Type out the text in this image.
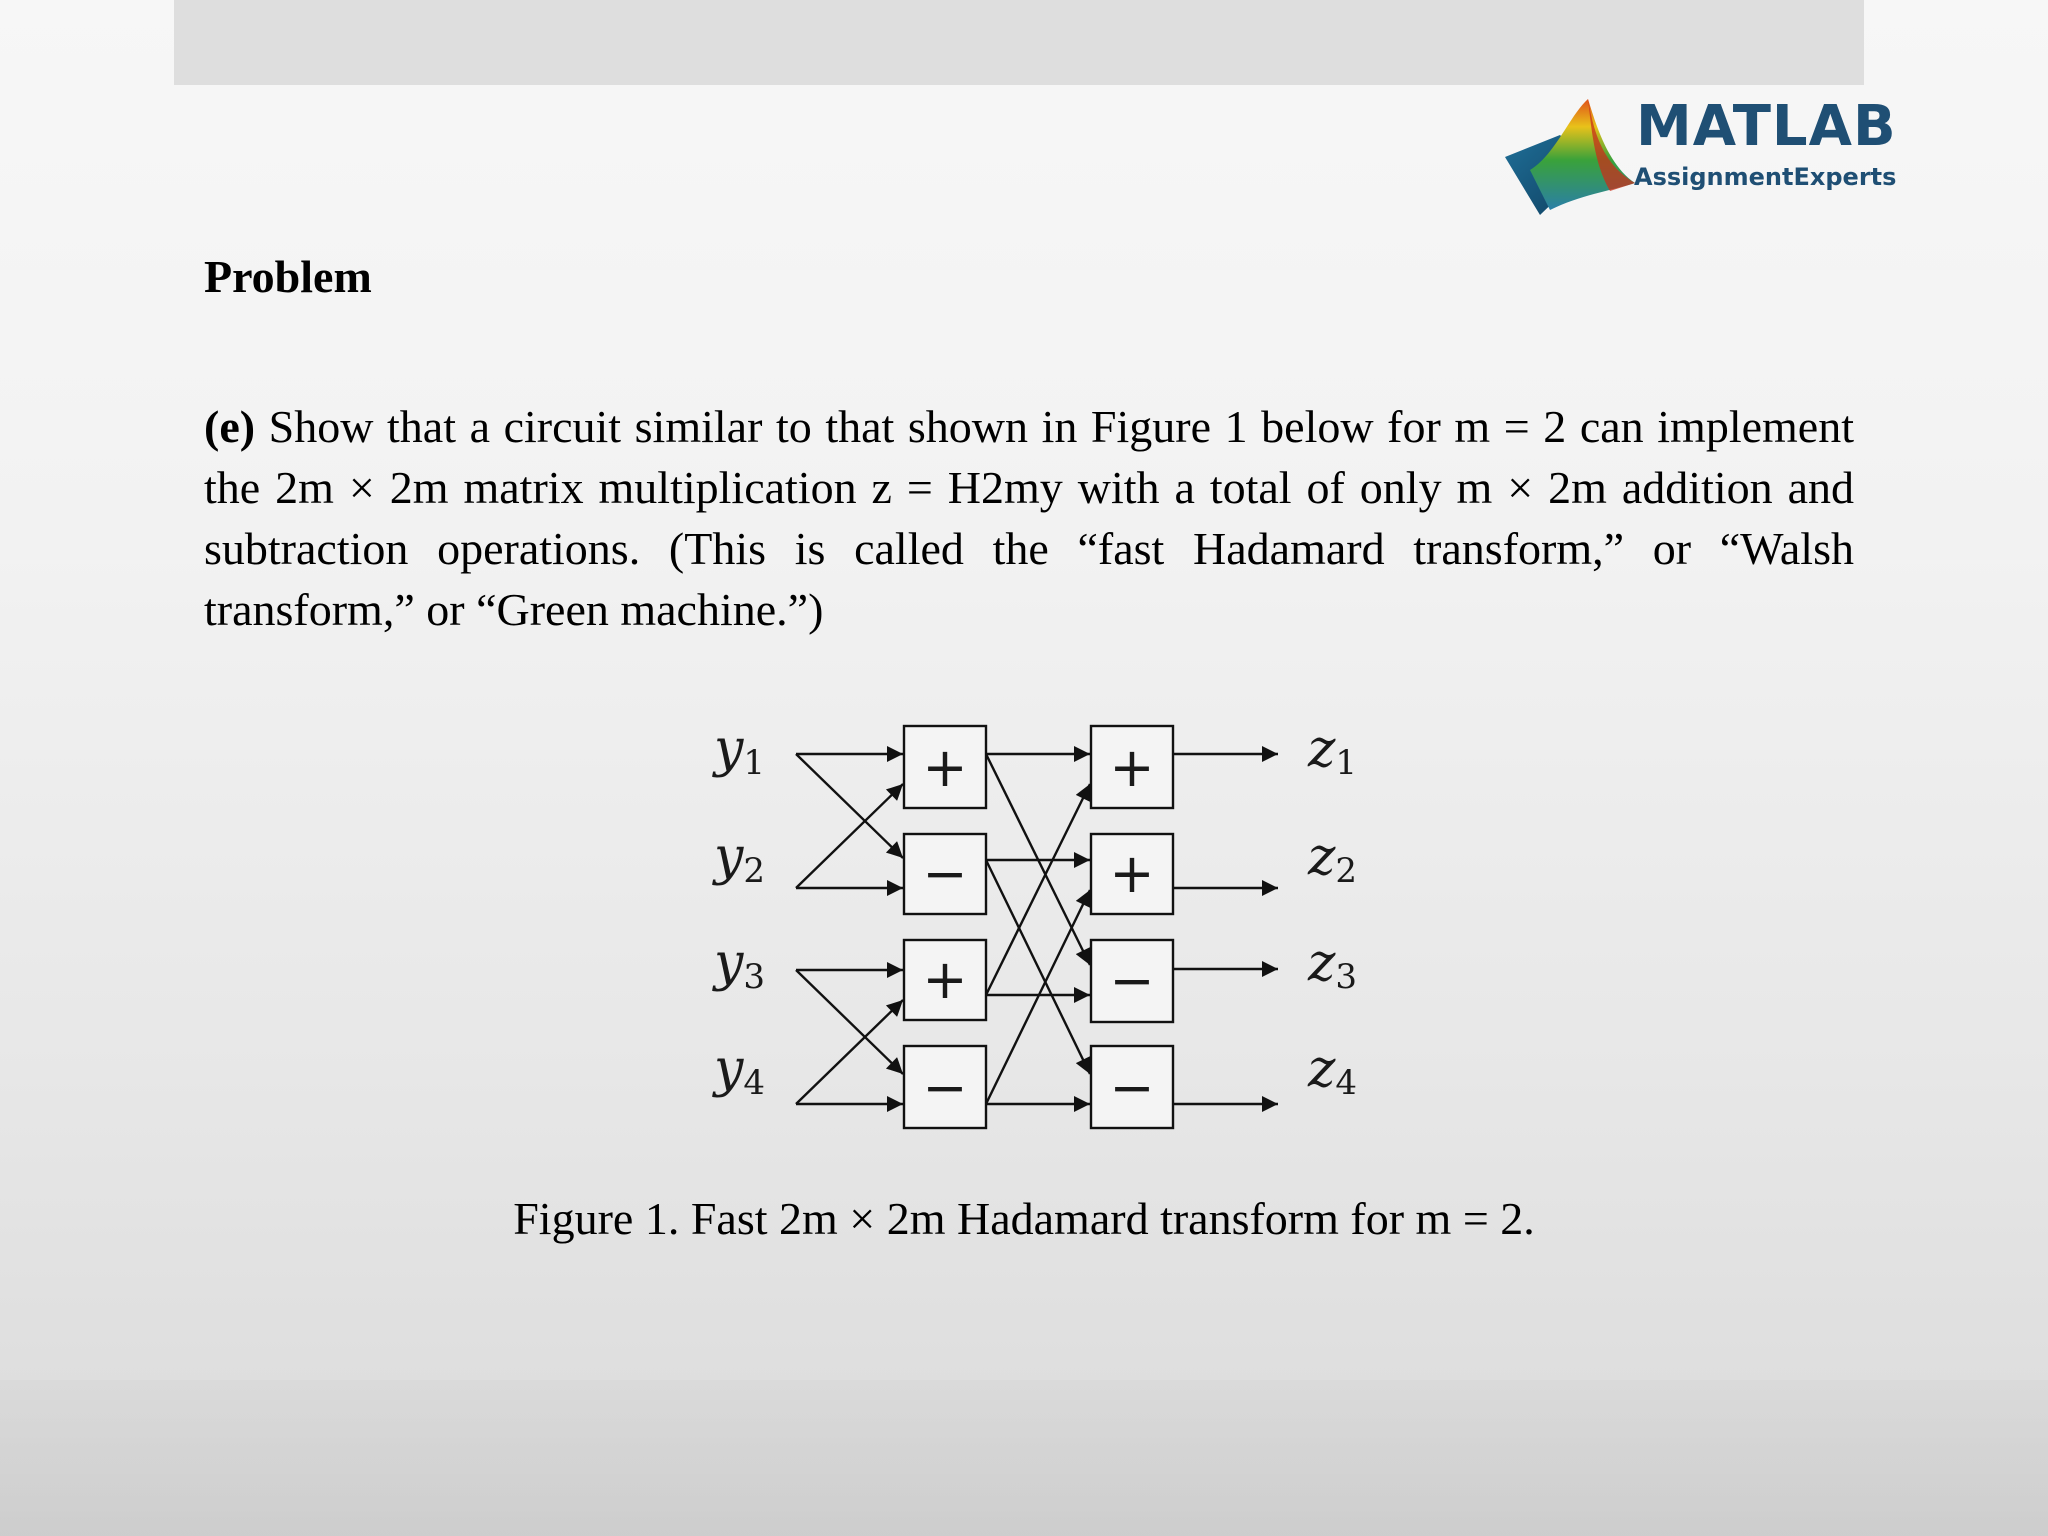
MATLAB
AssignmentExperts
Problem
(e) Show that a circuit similar to that shown in Figure 1 below for m = 2 can implement the 2m × 2m matrix multiplication z = H2my with a total of only m × 2m addition and subtraction operations. (This is called the “fast Hadamard transform,” or “Walsh transform,” or “Green machine.”)
y1
y2
y3
y4
z1
z2
z3
z4
+
−
+
−
+
+
−
−
Figure 1. Fast 2m × 2m Hadamard transform for m = 2.
